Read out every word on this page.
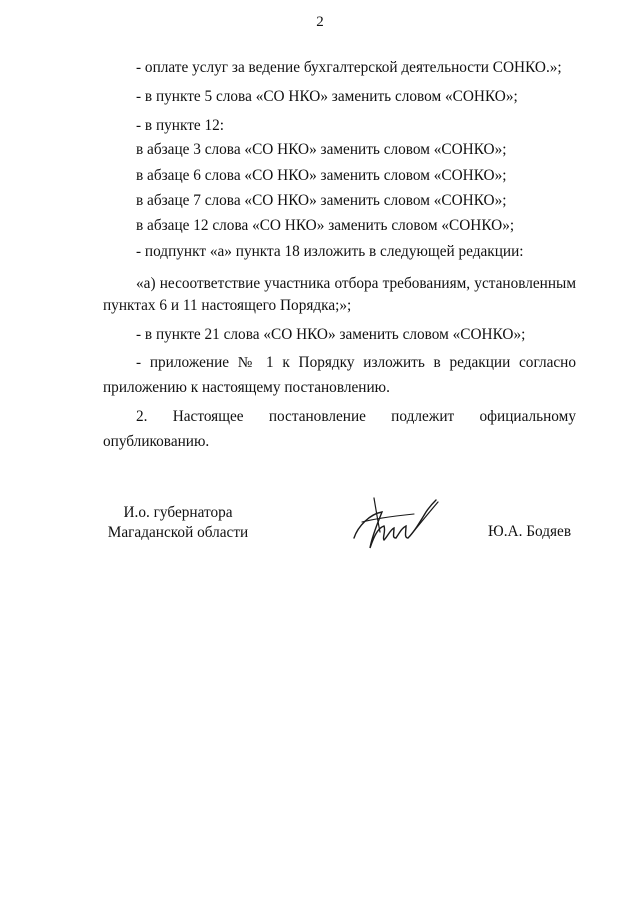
2
- оплате услуг за ведение бухгалтерской деятельности СОНКО.»;
- в пункте 5 слова «СО НКО» заменить словом «СОНКО»;
- в пункте 12:
в абзаце 3 слова «СО НКО» заменить словом «СОНКО»;
в абзаце 6 слова «СО НКО» заменить словом «СОНКО»;
в абзаце 7 слова «СО НКО» заменить словом «СОНКО»;
в абзаце 12 слова «СО НКО» заменить словом «СОНКО»;
- подпункт «а» пункта 18 изложить в следующей редакции:
«а) несоответствие участника отбора требованиям, установленным
пунктах 6 и 11 настоящего Порядка;»;
- в пункте 21 слова «СО НКО» заменить словом «СОНКО»;
- приложение № 1 к Порядку изложить в редакции согласно
приложению к настоящему постановлению.
2. Настоящее постановление подлежит официальному
опубликованию.
И.о. губернатора
Магаданской области	Ю.А. Бодяев
